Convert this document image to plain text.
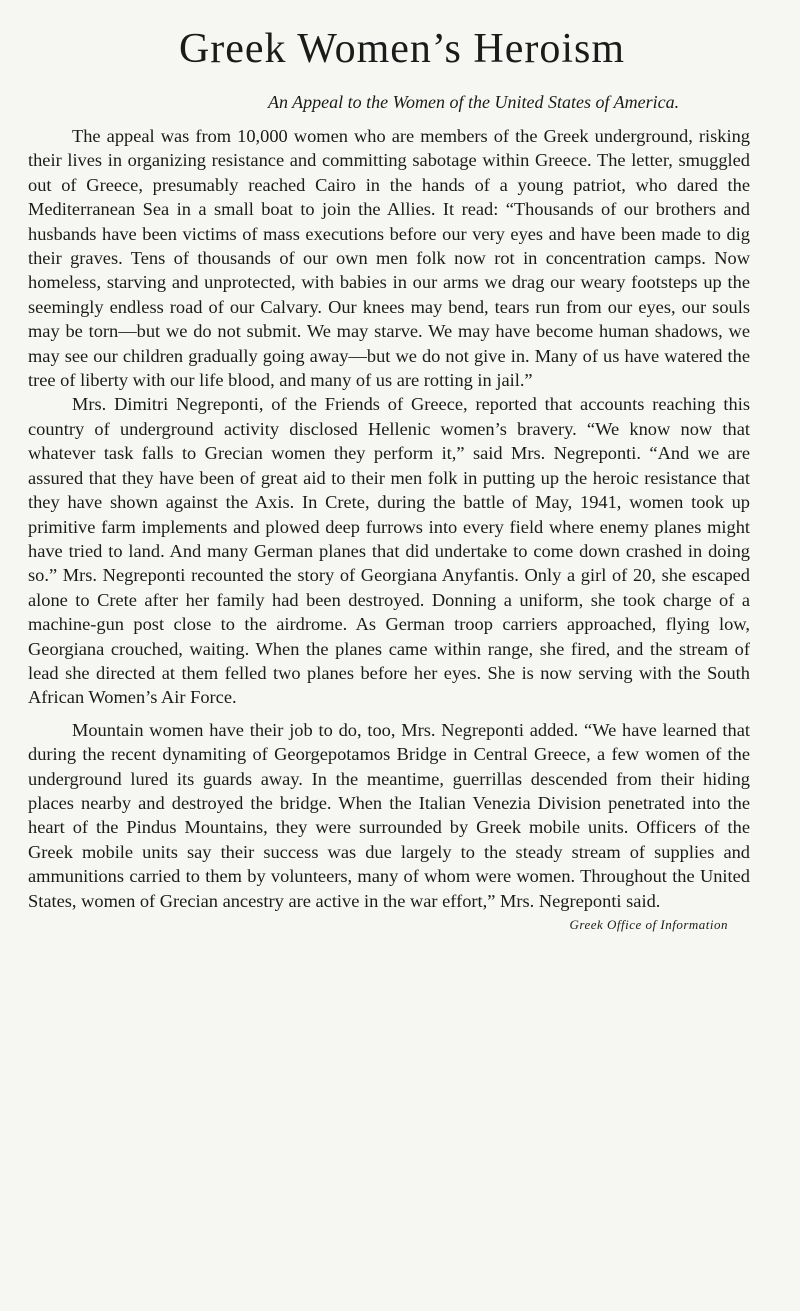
Greek Women’s Heroism
An Appeal to the Women of the United States of America.

The appeal was from 10,000 women who are members of the Greek underground, risking their lives in organizing resistance and committing sabotage within Greece. The letter, smuggled out of Greece, presumably reached Cairo in the hands of a young patriot, who dared the Mediterranean Sea in a small boat to join the Allies. It read: “Thousands of our brothers and husbands have been victims of mass executions before our very eyes and have been made to dig their graves. Tens of thousands of our own men folk now rot in concentration camps. Now homeless, starving and unprotected, with babies in our arms we drag our weary footsteps up the seemingly endless road of our Calvary. Our knees may bend, tears run from our eyes, our souls may be torn—but we do not submit. We may starve. We may have become human shadows, we may see our children gradually going away—but we do not give in. Many of us have watered the tree of liberty with our life blood, and many of us are rotting in jail.”

Mrs. Dimitri Negreponti, of the Friends of Greece, reported that accounts reaching this country of underground activity disclosed Hellenic women’s bravery. “We know now that whatever task falls to Grecian women they perform it,” said Mrs. Negreponti. “And we are assured that they have been of great aid to their men folk in putting up the heroic resistance that they have shown against the Axis. In Crete, during the battle of May, 1941, women took up primitive farm implements and plowed deep furrows into every field where enemy planes might have tried to land. And many German planes that did undertake to come down crashed in doing so.” Mrs. Negreponti recounted the story of Georgiana Anyfantis. Only a girl of 20, she escaped alone to Crete after her family had been destroyed. Donning a uniform, she took charge of a machine-gun post close to the airdrome. As German troop carriers approached, flying low, Georgiana crouched, waiting. When the planes came within range, she fired, and the stream of lead she directed at them felled two planes before her eyes. She is now serving with the South African Women’s Air Force.

Mountain women have their job to do, too, Mrs. Negreponti added. “We have learned that during the recent dynamiting of Georgepotamos Bridge in Central Greece, a few women of the underground lured its guards away. In the meantime, guerrillas descended from their hiding places nearby and destroyed the bridge. When the Italian Venezia Division penetrated into the heart of the Pindus Mountains, they were surrounded by Greek mobile units. Officers of the Greek mobile units say their success was due largely to the steady stream of supplies and ammunitions carried to them by volunteers, many of whom were women. Throughout the United States, women of Grecian ancestry are active in the war effort,” Mrs. Negreponti said.

Greek Office of Information
